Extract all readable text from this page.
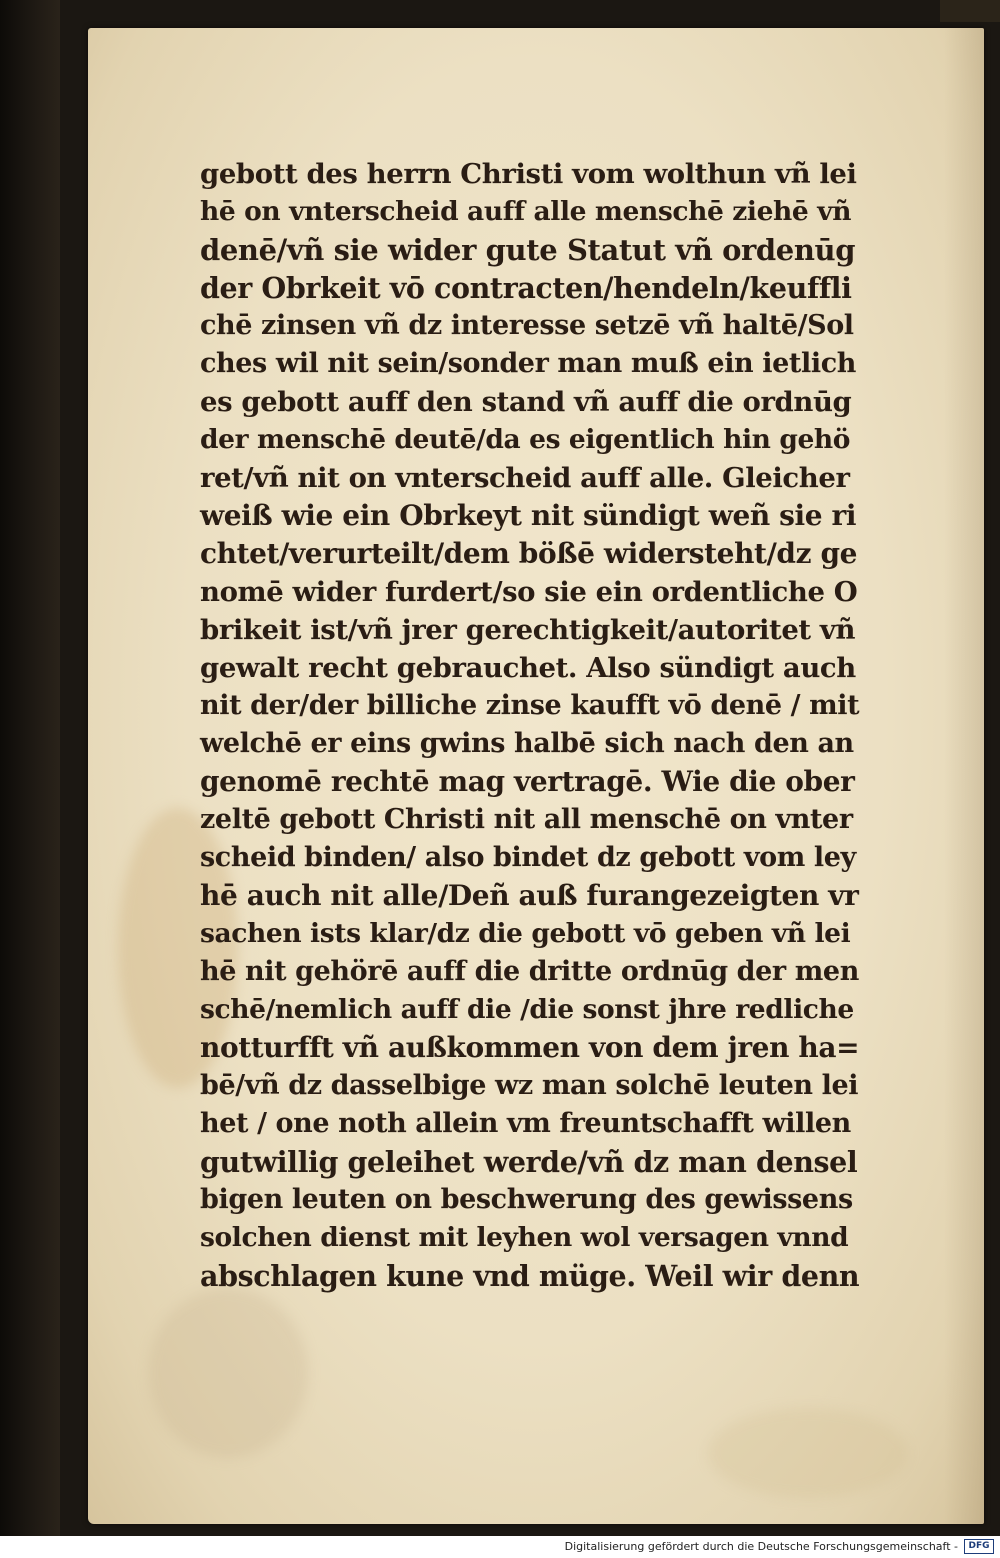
gebott des herrn Christi vom wolthun vñ lei
hē on vnterscheid auff alle menschē ziehē vñ
denē/vñ sie wider gute Statut vñ ordenūg
der Obrkeit vō contracten/hendeln/keuffli
chē zinsen vñ dz interesse setzē vñ haltē/Sol
ches wil nit sein/sonder man muß ein ietlich
es gebott auff den stand vñ auff die ordnūg
der menschē deutē/da es eigentlich hin gehö
ret/vñ nit on vnterscheid auff alle. Gleicher
weiß wie ein Obrkeyt nit sündigt weñ sie ri
chtet/verurteilt/dem bößē widersteht/dz ge
nomē wider furdert/so sie ein ordentliche O
brikeit ist/vñ jrer gerechtigkeit/autoritet vñ
gewalt recht gebrauchet. Also sündigt auch
nit der/der billiche zinse kaufft vō denē / mit
welchē er eins gwins halbē sich nach den an
genomē rechtē mag vertragē. Wie die ober
zeltē gebott Christi nit all menschē on vnter
scheid binden/ also bindet dz gebott vom ley
hē auch nit alle/Deñ auß furangezeigten vr
sachen ists klar/dz die gebott vō geben vñ lei
hē nit gehörē auff die dritte ordnūg der men
schē/nemlich auff die /die sonst jhre redliche
notturfft vñ außkommen von dem jren ha=
bē/vñ dz dasselbige wz man solchē leuten lei
het / one noth allein vm freuntschafft willen
gutwillig geleihet werde/vñ dz man densel
bigen leuten on beschwerung des gewissens
solchen dienst mit leyhen wol versagen vnnd
abschlagen kune vnd müge. Weil wir denn
Digitalisierung gefördert durch die Deutsche Forschungsgemeinschaft -	DFG
